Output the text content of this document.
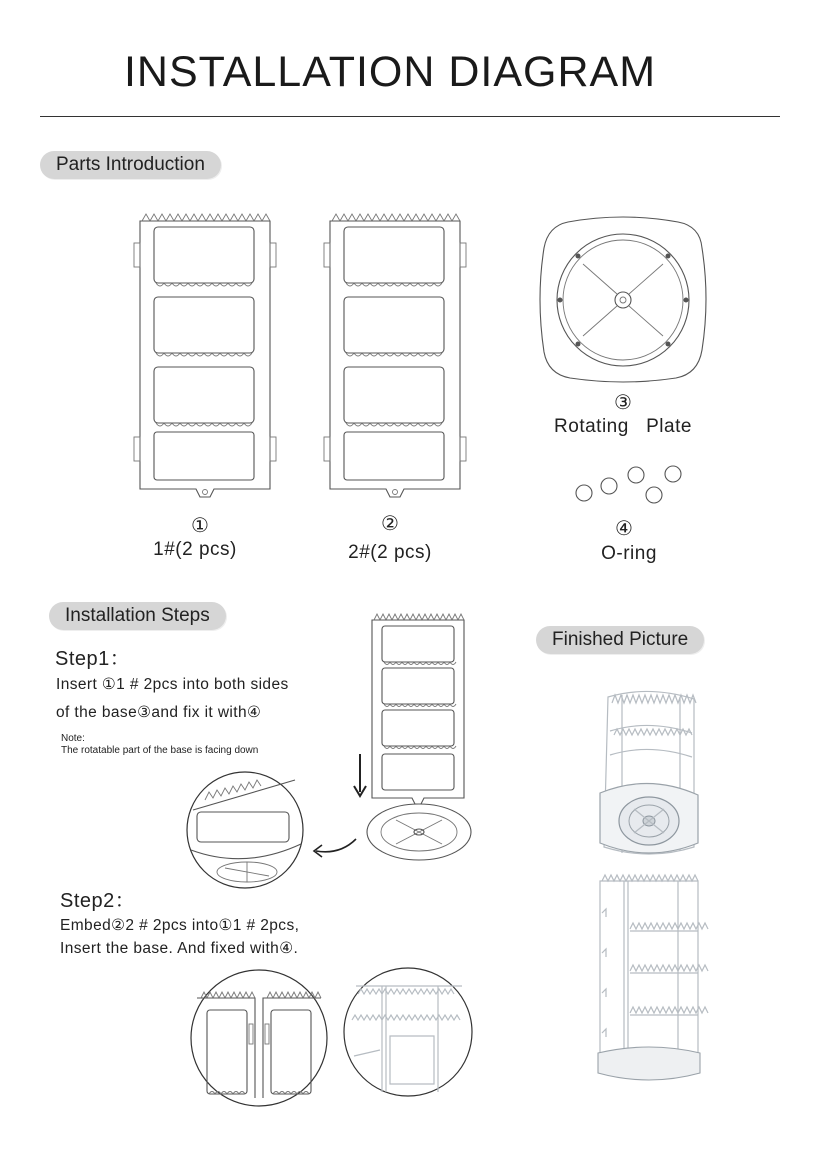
INSTALLATION DIAGRAM
Parts Introduction
Installation Steps
Finished Picture
①
1#(2 pcs)
②
2#(2 pcs)
③
Rotating   Plate
④
O-ring
Step1：
Insert ①1 # 2pcs into both sides
of the base③and fix it with④
Note:
The rotatable part of the base is facing down
Step2：
Embed②2 # 2pcs into①1 # 2pcs,
Insert the base. And fixed with④.
